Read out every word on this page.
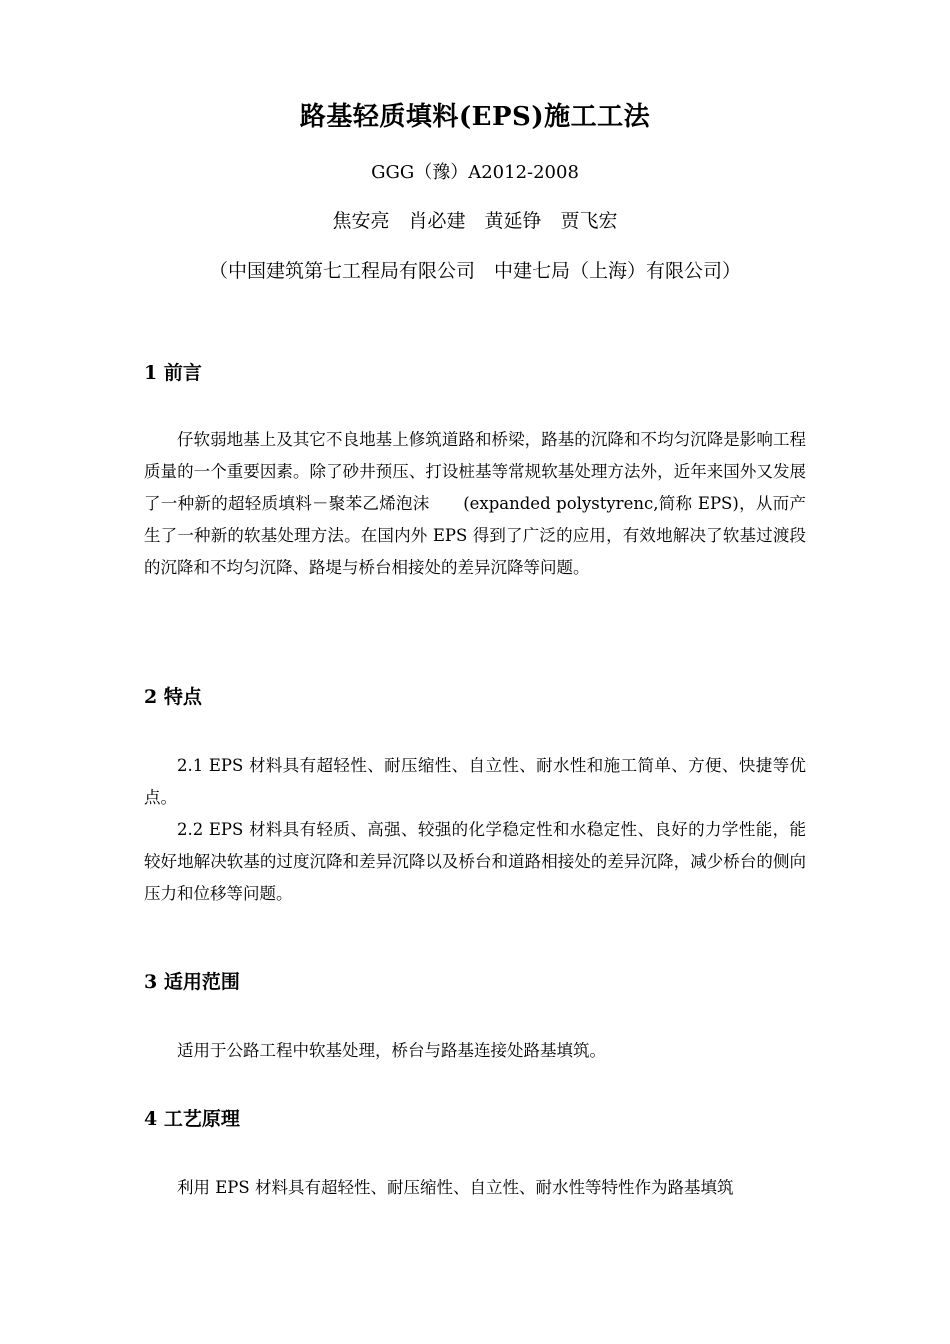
路基轻质填料(EPS)施工工法
GGG（豫）A2012-2008
焦安亮　肖必建　黄延铮　贾飞宏
（中国建筑第七工程局有限公司　中建七局（上海）有限公司）
1 前言
仔软弱地基上及其它不良地基上修筑道路和桥梁，路基的沉降和不均匀沉降是影响工程质量的一个重要因素。除了砂井预压、打设桩基等常规软基处理方法外，近年来国外又发展了一种新的超轻质填料－聚苯乙烯泡沫　　(expanded polystyrenc,简称 EPS)，从而产生了一种新的软基处理方法。在国内外 EPS 得到了广泛的应用，有效地解决了软基过渡段的沉降和不均匀沉降、路堤与桥台相接处的差异沉降等问题。
2 特点
2.1 EPS 材料具有超轻性、耐压缩性、自立性、耐水性和施工简单、方便、快捷等优点。
2.2 EPS 材料具有轻质、高强、较强的化学稳定性和水稳定性、良好的力学性能，能较好地解决软基的过度沉降和差异沉降以及桥台和道路相接处的差异沉降，减少桥台的侧向压力和位移等问题。
3 适用范围
适用于公路工程中软基处理，桥台与路基连接处路基填筑。
4 工艺原理
利用 EPS 材料具有超轻性、耐压缩性、自立性、耐水性等特性作为路基填筑
